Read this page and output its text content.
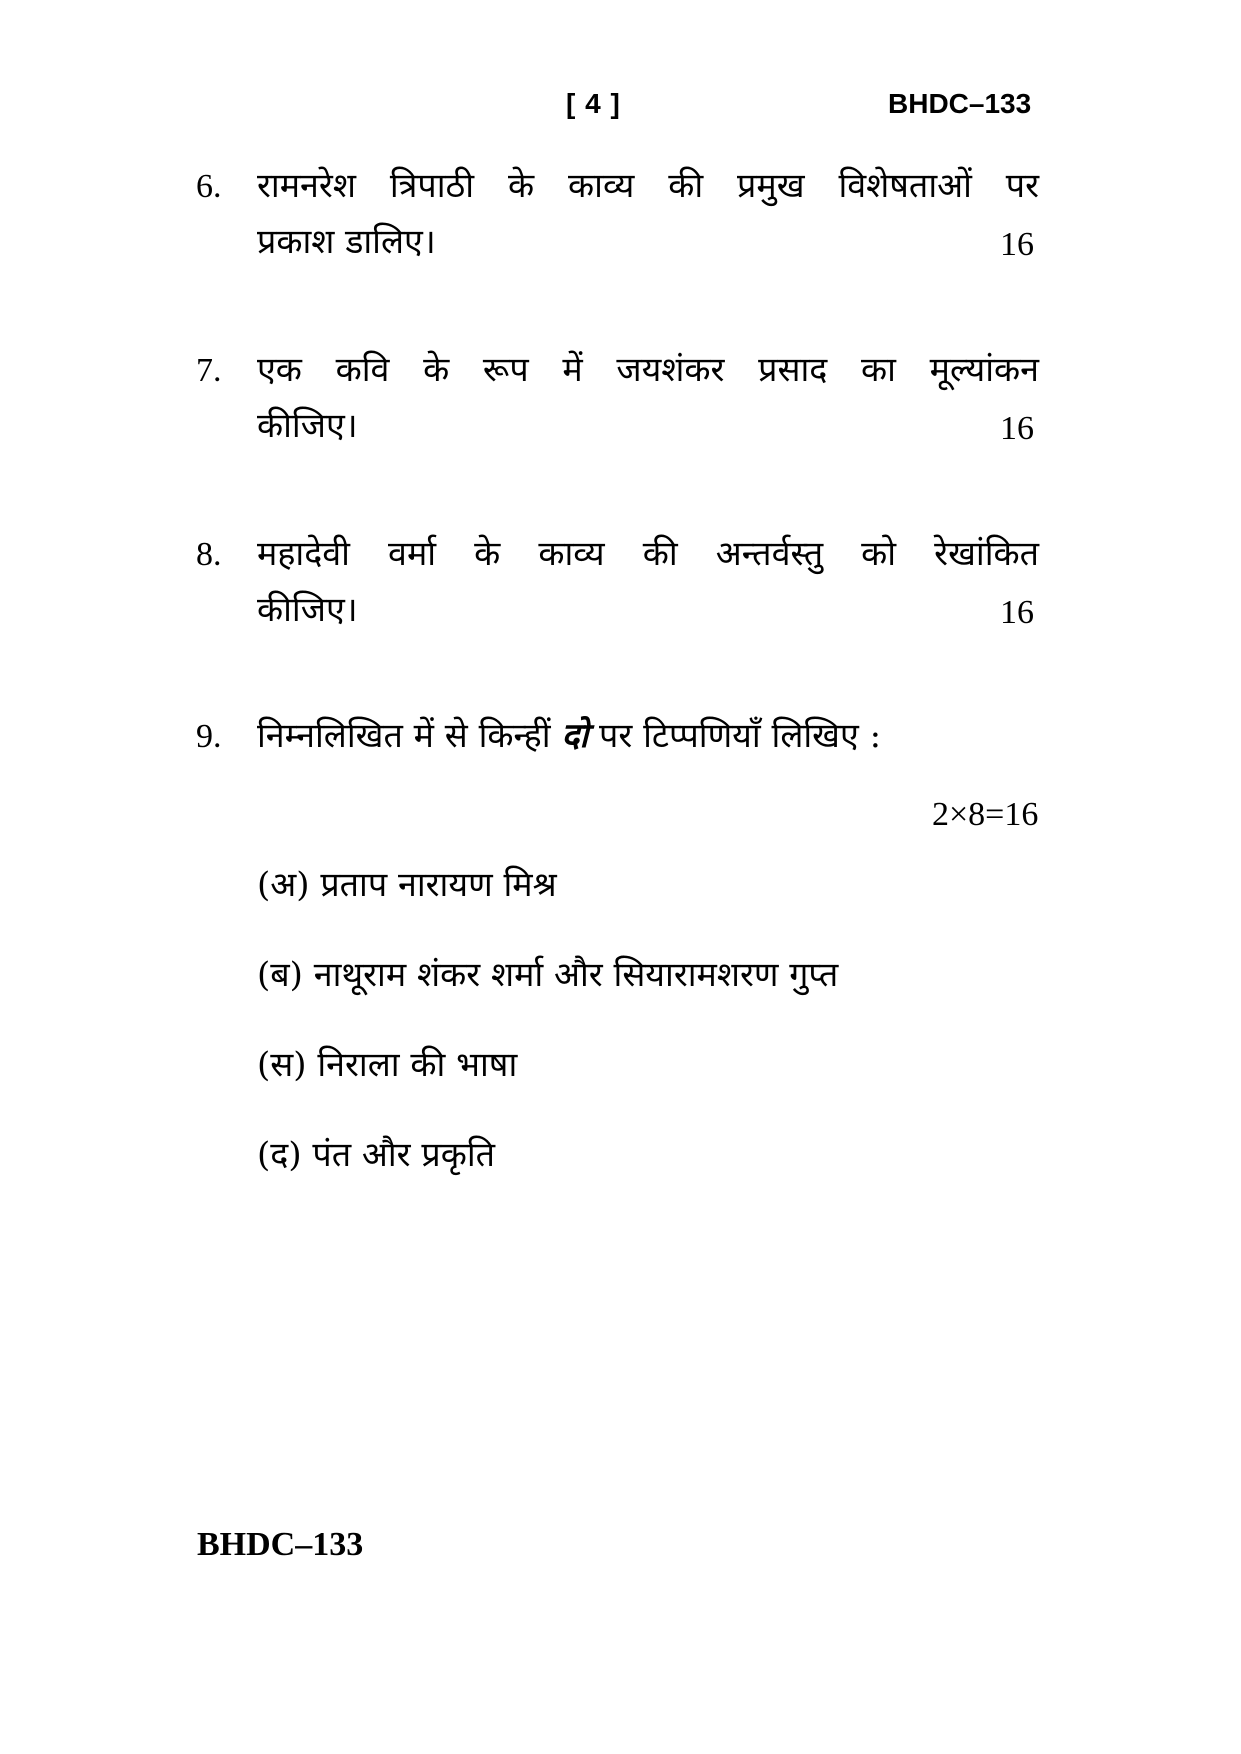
[ 4 ]	BHDC–133
6. रामनरेश त्रिपाठी के काव्य की प्रमुख विशेषताओं पर
प्रकाश डालिए।	16
7. एक कवि के रूप में जयशंकर प्रसाद का मूल्यांकन
कीजिए।	16
8. महादेवी वर्मा के काव्य की अन्तर्वस्तु को रेखांकित
कीजिए।	16
9. निम्नलिखित में से किन्हीं दो पर टिप्पणियाँ लिखिए :
2×8=16
(अ) प्रताप नारायण मिश्र
(ब) नाथूराम शंकर शर्मा और सियारामशरण गुप्त
(स) निराला की भाषा
(द) पंत और प्रकृति
BHDC–133
